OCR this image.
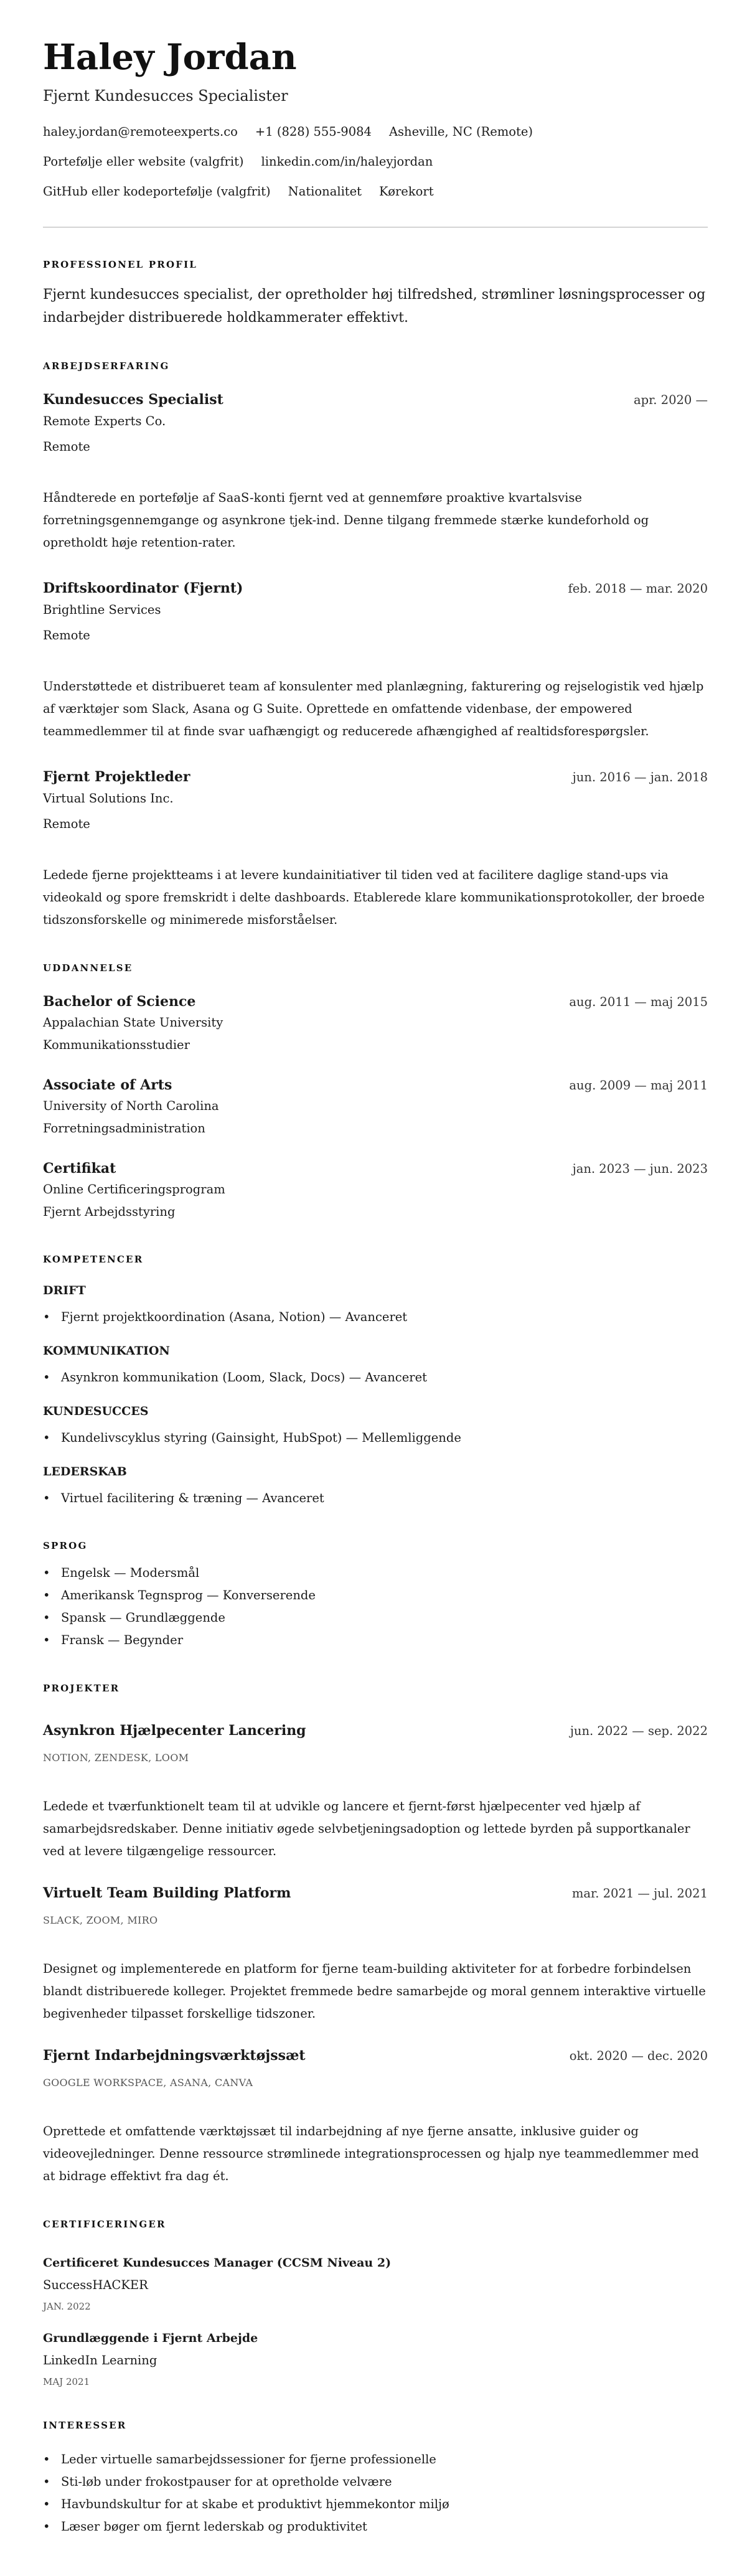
Haley Jordan
Fjernt Kundesucces Specialister
haley.jordan@remoteexperts.co +1 (828) 555-9084 Asheville, NC (Remote)
Portefølje eller website (valgfrit) linkedin.com/in/haleyjordan
GitHub eller kodeportefølje (valgfrit) Nationalitet Kørekort
PROFESSIONEL PROFIL
Fjernt kundesucces specialist, der opretholder høj tilfredshed, strømliner løsningsprocesser og indarbejder distribuerede holdkammerater effektivt.
ARBEJDSERFARING
Kundesucces Specialist	apr. 2020 —
Remote Experts Co.
Remote
Håndterede en portefølje af SaaS-konti fjernt ved at gennemføre proaktive kvartalsvise forretningsgennemgange og asynkrone tjek-ind. Denne tilgang fremmede stærke kundeforhold og opretholdt høje retention-rater.
Driftskoordinator (Fjernt)	feb. 2018 — mar. 2020
Brightline Services
Remote
Understøttede et distribueret team af konsulenter med planlægning, fakturering og rejselogistik ved hjælp af værktøjer som Slack, Asana og G Suite. Oprettede en omfattende videnbase, der empowered teammedlemmer til at finde svar uafhængigt og reducerede afhængighed af realtidsforespørgsler.
Fjernt Projektleder	jun. 2016 — jan. 2018
Virtual Solutions Inc.
Remote
Ledede fjerne projektteams i at levere kundainitiativer til tiden ved at facilitere daglige stand-ups via videokald og spore fremskridt i delte dashboards. Etablerede klare kommunikationsprotokoller, der broede tidszonsforskelle og minimerede misforståelser.
UDDANNELSE
Bachelor of Science	aug. 2011 — maj 2015
Appalachian State University
Kommunikationsstudier
Associate of Arts	aug. 2009 — maj 2011
University of North Carolina
Forretningsadministration
Certifikat	jan. 2023 — jun. 2023
Online Certificeringsprogram
Fjernt Arbejdsstyring
KOMPETENCER
DRIFT
• Fjernt projektkoordination (Asana, Notion) — Avanceret
KOMMUNIKATION
• Asynkron kommunikation (Loom, Slack, Docs) — Avanceret
KUNDESUCCES
• Kundelivscyklus styring (Gainsight, HubSpot) — Mellemliggende
LEDERSKAB
• Virtuel facilitering & træning — Avanceret
SPROG
• Engelsk — Modersmål
• Amerikansk Tegnsprog — Konverserende
• Spansk — Grundlæggende
• Fransk — Begynder
PROJEKTER
Asynkron Hjælpecenter Lancering	jun. 2022 — sep. 2022
NOTION, ZENDESK, LOOM
Ledede et tværfunktionelt team til at udvikle og lancere et fjernt-først hjælpecenter ved hjælp af samarbejdsredskaber. Denne initiativ øgede selvbetjeningsadoption og lettede byrden på supportkanaler ved at levere tilgængelige ressourcer.
Virtuelt Team Building Platform	mar. 2021 — jul. 2021
SLACK, ZOOM, MIRO
Designet og implementerede en platform for fjerne team-building aktiviteter for at forbedre forbindelsen blandt distribuerede kolleger. Projektet fremmede bedre samarbejde og moral gennem interaktive virtuelle begivenheder tilpasset forskellige tidszoner.
Fjernt Indarbejdningsværktøjssæt	okt. 2020 — dec. 2020
GOOGLE WORKSPACE, ASANA, CANVA
Oprettede et omfattende værktøjssæt til indarbejdning af nye fjerne ansatte, inklusive guider og videovejledninger. Denne ressource strømlinede integrationsprocessen og hjalp nye teammedlemmer med at bidrage effektivt fra dag ét.
CERTIFICERINGER
Certificeret Kundesucces Manager (CCSM Niveau 2)
SuccessHACKER
JAN. 2022
Grundlæggende i Fjernt Arbejde
LinkedIn Learning
MAJ 2021
INTERESSER
• Leder virtuelle samarbejdssessioner for fjerne professionelle
• Sti-løb under frokostpauser for at opretholde velvære
• Havbundskultur for at skabe et produktivt hjemmekontor miljø
• Læser bøger om fjernt lederskab og produktivitet
